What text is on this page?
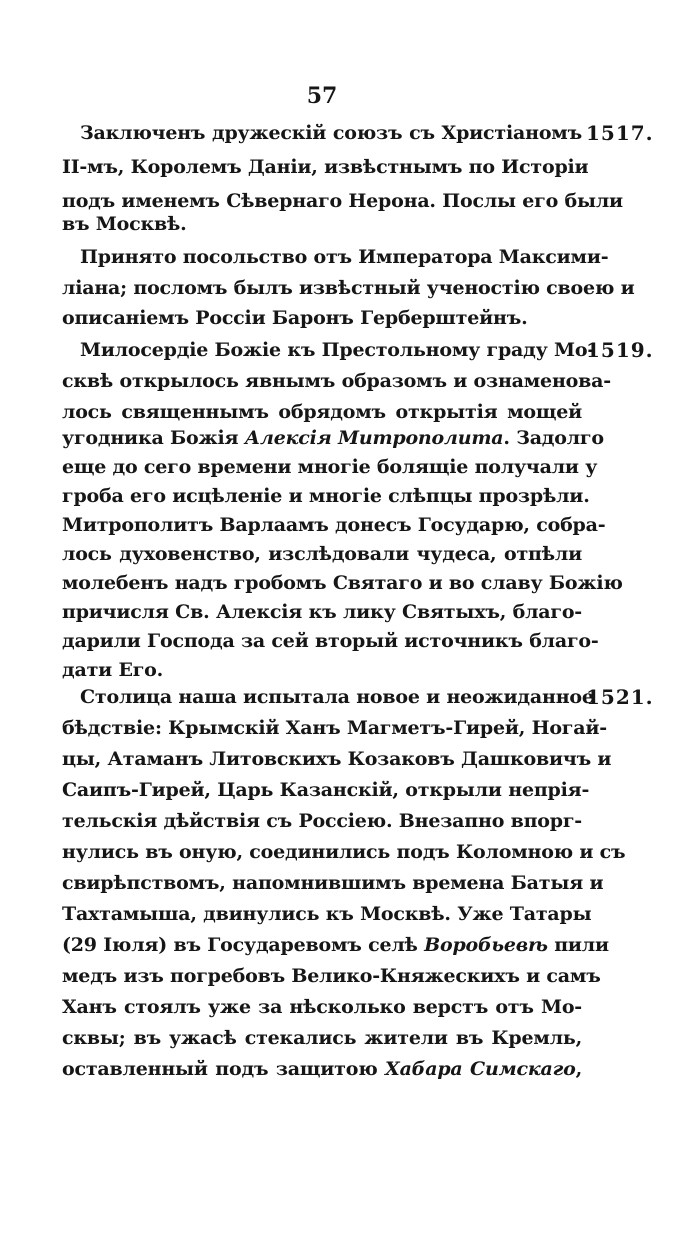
57
1517.
Заключенъ дружескій союзъ съ Христіаномъ
II-мъ, Королемъ Даніи, извѣстнымъ по Исторіи
подъ именемъ Сѣвернаго Нерона. Послы его были
въ Москвѣ.
Принято посольство отъ Императора Максими-
ліана; посломъ былъ извѣстный ученостію своею и
описаніемъ Россіи Баронъ Герберштейнъ.
1519.
Милосердіе Божіе къ Престольному граду Мо-
сквѣ открылось явнымъ образомъ и ознаменова-
лось священнымъ обрядомъ открытія мощей
угодника Божія Алексія Митрополита. Задолго
еще до сего времени многіе болящіе получали у
гроба его исцѣленіе и многіе слѣпцы прозрѣли.
Митрополитъ Варлаамъ донесъ Государю, собра-
лось духовенство, изслѣдовали чудеса, отпѣли
молебенъ надъ гробомъ Святаго и во славу Божію
причисля Св. Алексія къ лику Святыхъ, благо-
дарили Господа за сей вторый источникъ благо-
дати Его.
1521.
Столица наша испытала новое и неожиданное
бѣдствіе: Крымскій Ханъ Магметъ-Гирей, Ногай-
цы, Атаманъ Литовскихъ Козаковъ Дашковичъ и
Саипъ-Гирей, Царь Казанскій, открыли непрія-
тельскія дѣйствія съ Россіею. Внезапно впорг-
нулись въ оную, соединились подъ Коломною и съ
свирѣпствомъ, напомнившимъ времена Батыя и
Тахтамыша, двинулись къ Москвѣ. Уже Татары
(29 Іюля) въ Государевомъ селѣ Воробьевѣ пили
медъ изъ погребовъ Велико-Княжескихъ и самъ
Ханъ стоялъ уже за нѣсколько верстъ отъ Мо-
сквы; въ ужасѣ стекались жители въ Кремль,
оставленный подъ защитою Хабара Симскаго,
